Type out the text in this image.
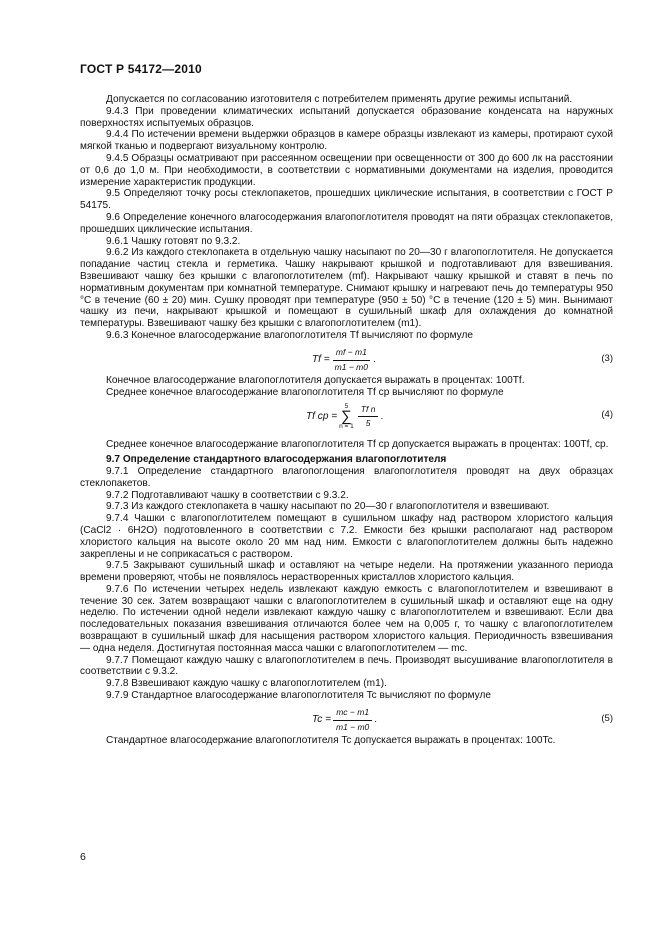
ГОСТ Р 54172—2010

Допускается по согласованию изготовителя с потребителем применять другие режимы испытаний.

9.4.3 При проведении климатических испытаний допускается образование конденсата на наружных поверхностях испытуемых образцов.

9.4.4 По истечении времени выдержки образцов в камере образцы извлекают из камеры, протирают сухой мягкой тканью и подвергают визуальному контролю.

9.4.5 Образцы осматривают при рассеянном освещении при освещенности от 300 до 600 лк на расстоянии от 0,6 до 1,0 м. При необходимости, в соответствии с нормативными документами на изделия, проводится измерение характеристик продукции.

9.5 Определяют точку росы стеклопакетов, прошедших циклические испытания, в соответствии с ГОСТ Р 54175.

9.6 Определение конечного влагосодержания влагопоглотителя проводят на пяти образцах стеклопакетов, прошедших циклические испытания.

9.6.1 Чашку готовят по 9.3.2.

9.6.2 Из каждого стеклопакета в отдельную чашку насыпают по 20—30 г влагопоглотителя. Не допускается попадание частиц стекла и герметика. Чашку накрывают крышкой и подготавливают для взвешивания. Взвешивают чашку без крышки с влагопоглотителем (mf). Накрывают чашку крышкой и ставят в печь по нормативным документам при комнатной температуре. Снимают крышку и нагревают печь до температуры 950 °С в течение (60 ± 20) мин. Сушку проводят при температуре (950 ± 50) °С в течение (120 ± 5) мин. Вынимают чашку из печи, накрывают крышкой и помещают в сушильный шкаф для охлаждения до комнатной температуры. Взвешивают чашку без крышки с влагопоглотителем (m1).

9.6.3 Конечное влагосодержание влагопоглотителя Tf вычисляют по формуле

$Tf = \frac{mf - m1}{m1 - m0}$ .	(3)

Конечное влагосодержание влагопоглотителя допускается выражать в процентах: 100Tf.

Среднее конечное влагосодержание влагопоглотителя Tf ср вычисляют по формуле

Tf ср =
5
∑
$n = 1 \frac{\text{Tf n}}{5}$ .	(4)

Среднее конечное влагосодержание влагопоглотителя Tf ср допускается выражать в процентах: 100Tf, ср.

9.7 Определение стандартного влагосодержания влагопоглотителя

9.7.1 Определение стандартного влагопоглощения влагопоглотителя проводят на двух образцах стеклопакетов.

9.7.2 Подготавливают чашку в соответствии с 9.3.2.

9.7.3 Из каждого стеклопакета в чашку насыпают по 20—30 г влагопоглотителя и взвешивают.

9.7.4 Чашки с влагопоглотителем помещают в сушильном шкафу над раствором хлористого кальция (CaCl2 · 6H2O) подготовленного в соответствии с 7.2. Емкости без крышки располагают над раствором хлористого кальция на высоте около 20 мм над ним. Емкости с влагопоглотителем должны быть надежно закреплены и не соприкасаться с раствором.

9.7.5 Закрывают сушильный шкаф и оставляют на четыре недели. На протяжении указанного периода времени проверяют, чтобы не появлялось нерастворенных кристаллов хлористого кальция.

9.7.6 По истечении четырех недель извлекают каждую емкость с влагопоглотителем и взвешивают в течение 30 сек. Затем возвращают чашки с влагопоглотителем в сушильный шкаф и оставляют еще на одну неделю. По истечении одной недели извлекают каждую чашку с влагопоглотителем и взвешивают. Если два последовательных показания взвешивания отличаются более чем на 0,005 г, то чашку с влагопоглотителем возвращают в сушильный шкаф для насыщения раствором хлористого кальция. Периодичность взвешивания — одна неделя. Достигнутая постоянная масса чашки с влагопоглотителем — mc.

9.7.7 Помещают каждую чашку с влагопоглотителем в печь. Производят высушивание влагопоглотителя в соответствии с 9.3.2.

9.7.8 Взвешивают каждую чашку с влагопоглотителем (m1).

9.7.9 Стандартное влагосодержание влагопоглотителя Tc вычисляют по формуле

$Tc = \frac{mc - m1}{m1 - m0}$ .	(5)

Стандартное влагосодержание влагопоглотителя Tc допускается выражать в процентах: 100Tc.

6
